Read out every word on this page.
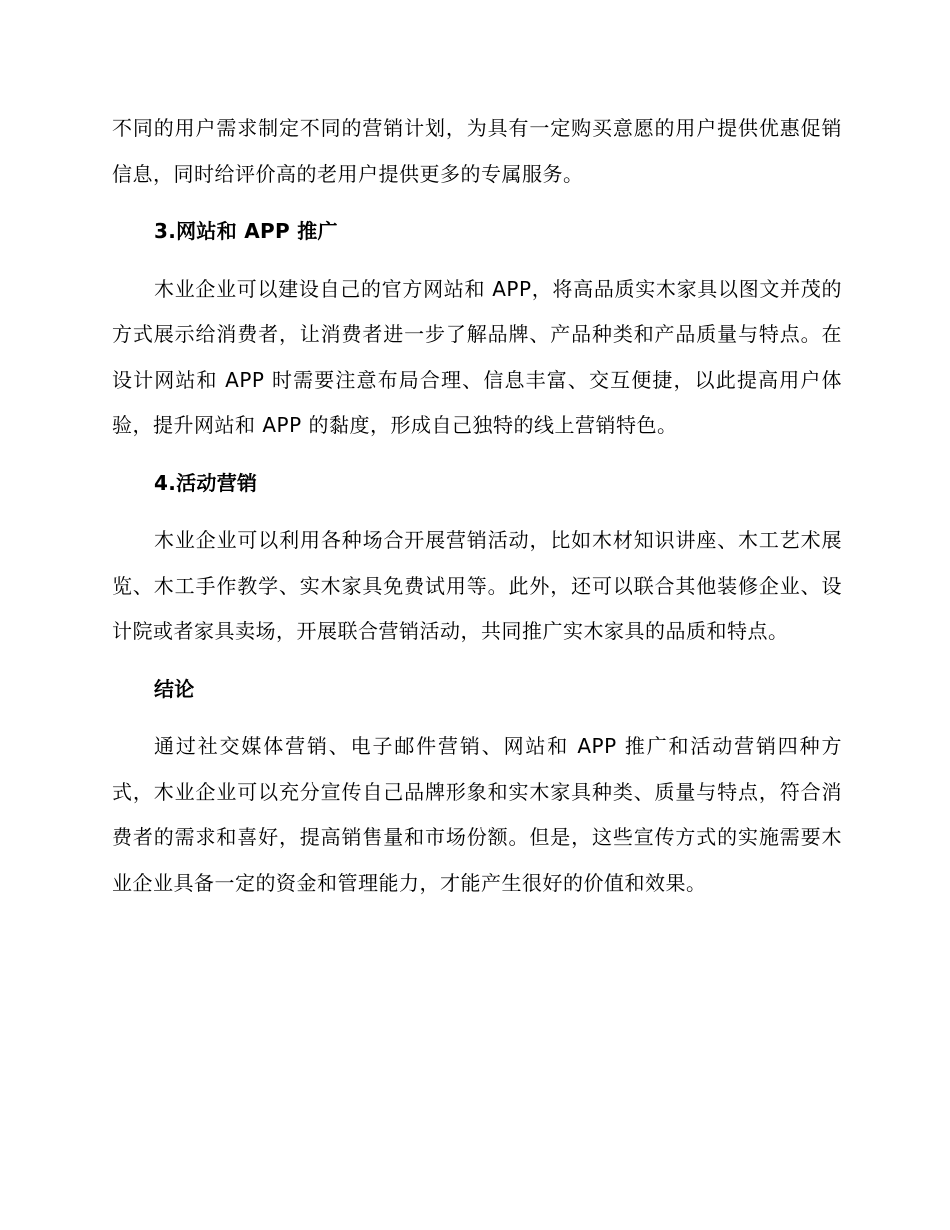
不同的用户需求制定不同的营销计划，为具有一定购买意愿的用户提供优惠促销信息，同时给评价高的老用户提供更多的专属服务。

3.网站和 APP 推广

木业企业可以建设自己的官方网站和 APP，将高品质实木家具以图文并茂的方式展示给消费者，让消费者进一步了解品牌、产品种类和产品质量与特点。在设计网站和 APP 时需要注意布局合理、信息丰富、交互便捷，以此提高用户体验，提升网站和 APP 的黏度，形成自己独特的线上营销特色。

4.活动营销

木业企业可以利用各种场合开展营销活动，比如木材知识讲座、木工艺术展览、木工手作教学、实木家具免费试用等。此外，还可以联合其他装修企业、设计院或者家具卖场，开展联合营销活动，共同推广实木家具的品质和特点。

结论

通过社交媒体营销、电子邮件营销、网站和 APP 推广和活动营销四种方式，木业企业可以充分宣传自己品牌形象和实木家具种类、质量与特点，符合消费者的需求和喜好，提高销售量和市场份额。但是，这些宣传方式的实施需要木业企业具备一定的资金和管理能力，才能产生很好的价值和效果。
